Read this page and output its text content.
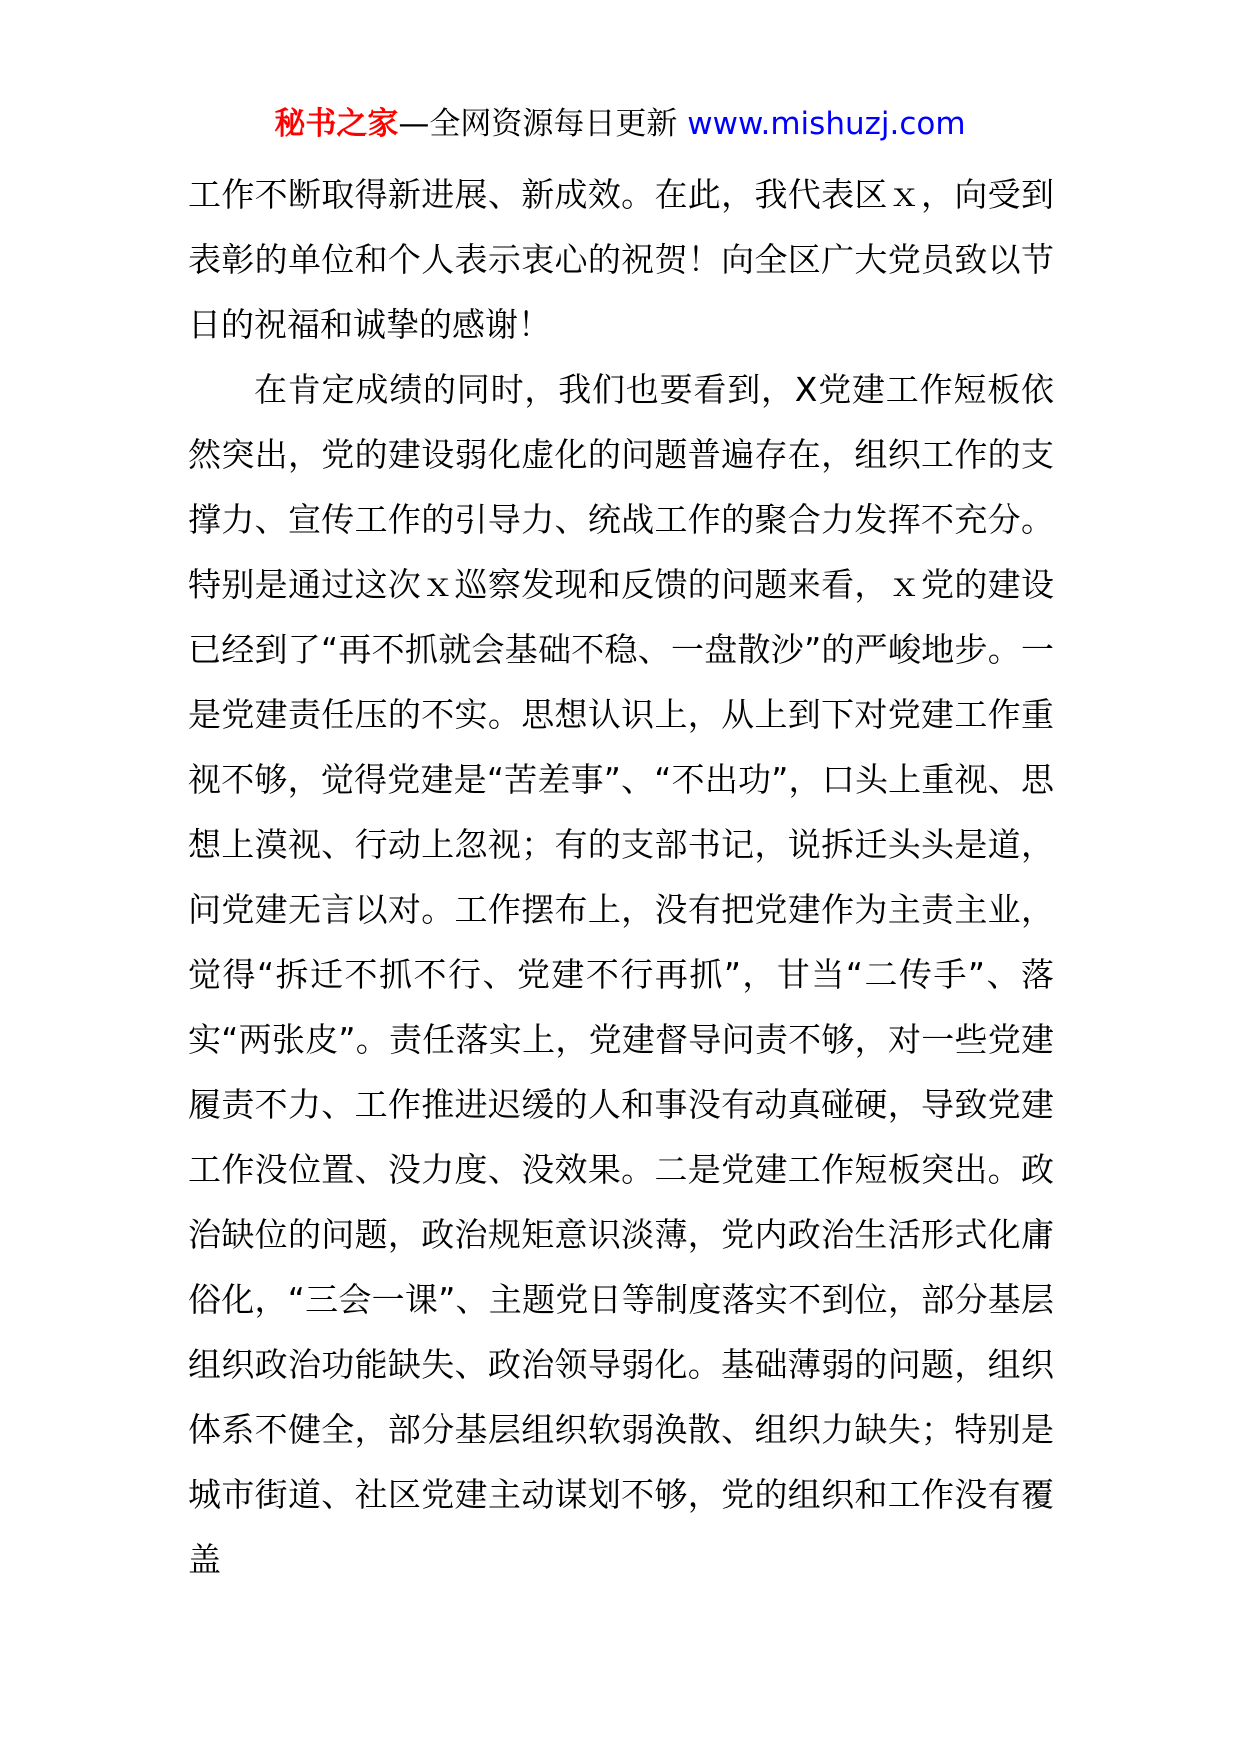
秘书之家—全网资源每日更新 www.mishuzj.com

工作不断取得新进展、新成效。在此，我代表区ｘ，向受到表彰的单位和个人表示衷心的祝贺！向全区广大党员致以节日的祝福和诚挚的感谢！

在肯定成绩的同时，我们也要看到，X党建工作短板依然突出，党的建设弱化虚化的问题普遍存在，组织工作的支撑力、宣传工作的引导力、统战工作的聚合力发挥不充分。特别是通过这次ｘ巡察发现和反馈的问题来看，ｘ党的建设已经到了“再不抓就会基础不稳、一盘散沙”的严峻地步。一是党建责任压的不实。思想认识上，从上到下对党建工作重视不够，觉得党建是“苦差事”、“不出功”，口头上重视、思想上漠视、行动上忽视；有的支部书记，说拆迁头头是道，问党建无言以对。工作摆布上，没有把党建作为主责主业，觉得“拆迁不抓不行、党建不行再抓”，甘当“二传手”、落实“两张皮”。责任落实上，党建督导问责不够，对一些党建履责不力、工作推进迟缓的人和事没有动真碰硬，导致党建工作没位置、没力度、没效果。二是党建工作短板突出。政治缺位的问题，政治规矩意识淡薄，党内政治生活形式化庸俗化，“三会一课”、主题党日等制度落实不到位，部分基层组织政治功能缺失、政治领导弱化。基础薄弱的问题，组织体系不健全，部分基层组织软弱涣散、组织力缺失；特别是城市街道、社区党建主动谋划不够，党的组织和工作没有覆盖
